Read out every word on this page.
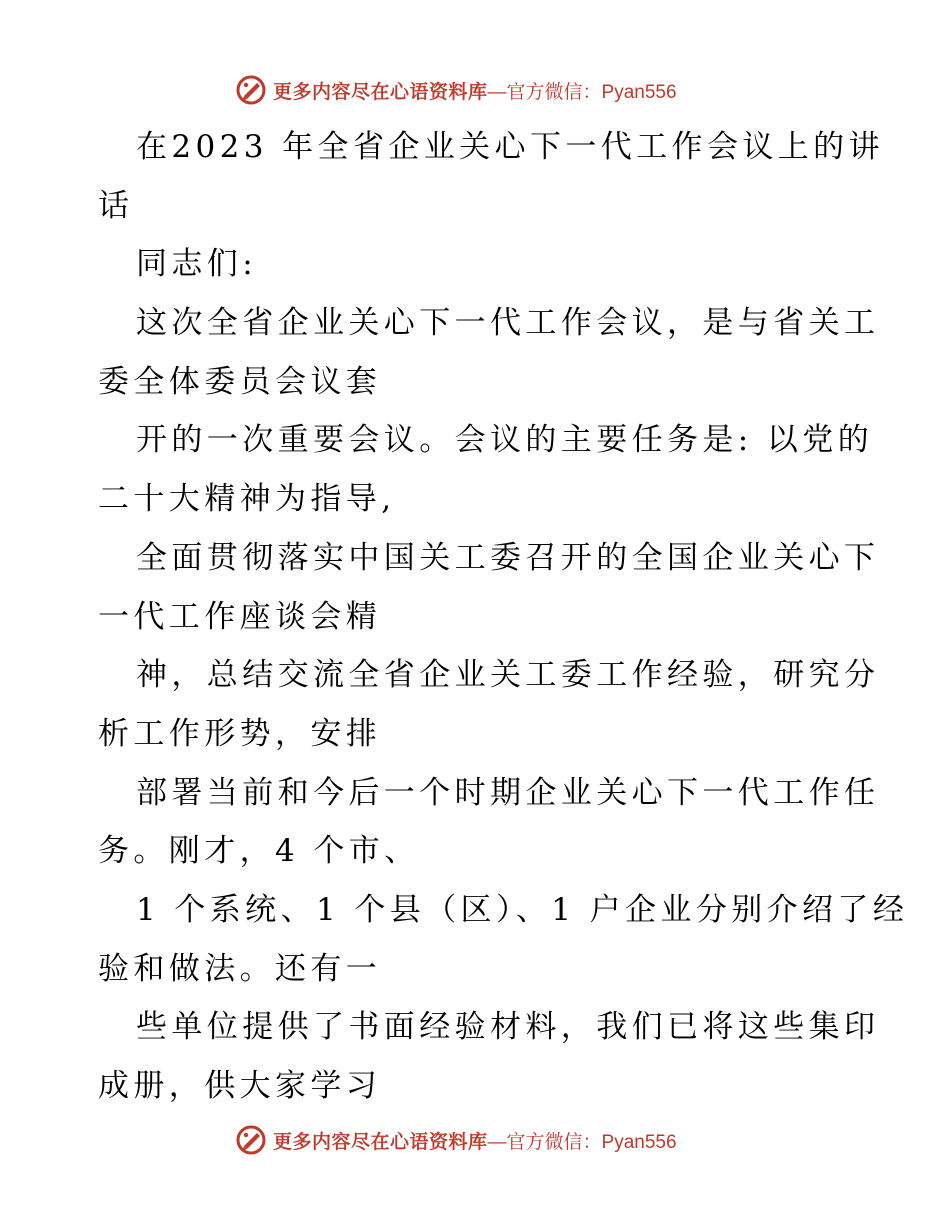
更多内容尽在心语资料库 —官方微信：Pyan556
在2023 年全省企业关心下一代工作会议上的讲
话
同志们:
这次全省企业关心下一代工作会议，是与省关工
委全体委员会议套
开的一次重要会议。会议的主要任务是: 以党的
二十大精神为指导,
全面贯彻落实中国关工委召开的全国企业关心下
一代工作座谈会精
神，总结交流全省企业关工委工作经验，研究分
析工作形势，安排
部署当前和今后一个时期企业关心下一代工作任
务。刚才，4 个市、
1 个系统、1 个县（区）、1 户企业分别介绍了经
验和做法。还有一
些单位提供了书面经验材料，我们已将这些集印
成册，供大家学习
更多内容尽在心语资料库 —官方微信：Pyan556
